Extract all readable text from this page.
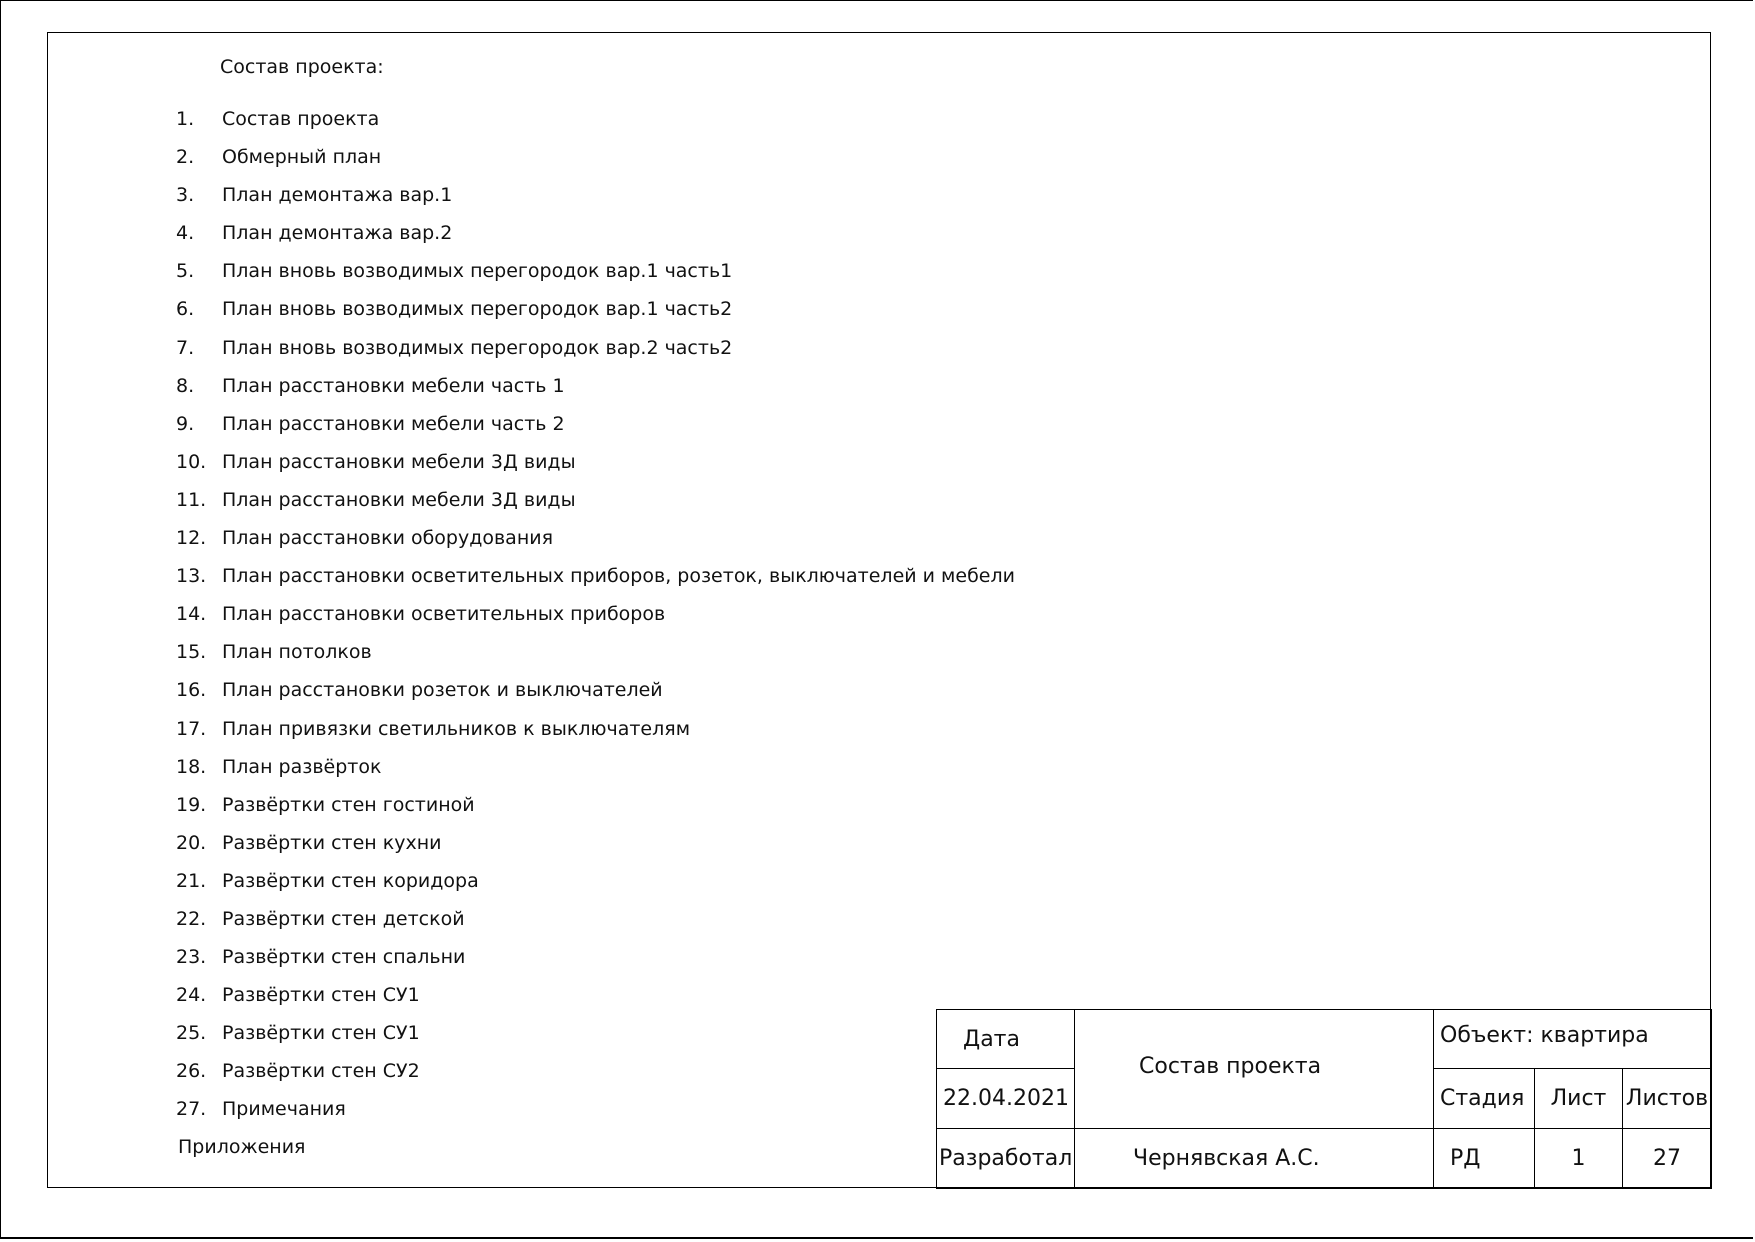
Состав проекта:
1. Состав проекта
2. Обмерный план
3. План демонтажа вар.1
4. План демонтажа вар.2
5. План вновь возводимых перегородок вар.1 часть1
6. План вновь возводимых перегородок вар.1 часть2
7. План вновь возводимых перегородок вар.2 часть2
8. План расстановки мебели часть 1
9. План расстановки мебели часть 2
10. План расстановки мебели 3Д виды
11. План расстановки мебели 3Д виды
12. План расстановки оборудования
13. План расстановки осветительных приборов, розеток, выключателей и мебели
14. План расстановки осветительных приборов
15. План потолков
16. План расстановки розеток и выключателей
17. План привязки светильников к выключателям
18. План развёрток
19. Развёртки стен гостиной
20. Развёртки стен кухни
21. Развёртки стен коридора
22. Развёртки стен детской
23. Развёртки стен спальни
24. Развёртки стен СУ1
25. Развёртки стен СУ1
26. Развёртки стен СУ2
27. Примечания
Приложения
Дата	Состав проекта	Объект: квартира		
22.04.2021		Стадия	Лист	Листов
Разработал	Чернявская А.С.	РД	1	27
